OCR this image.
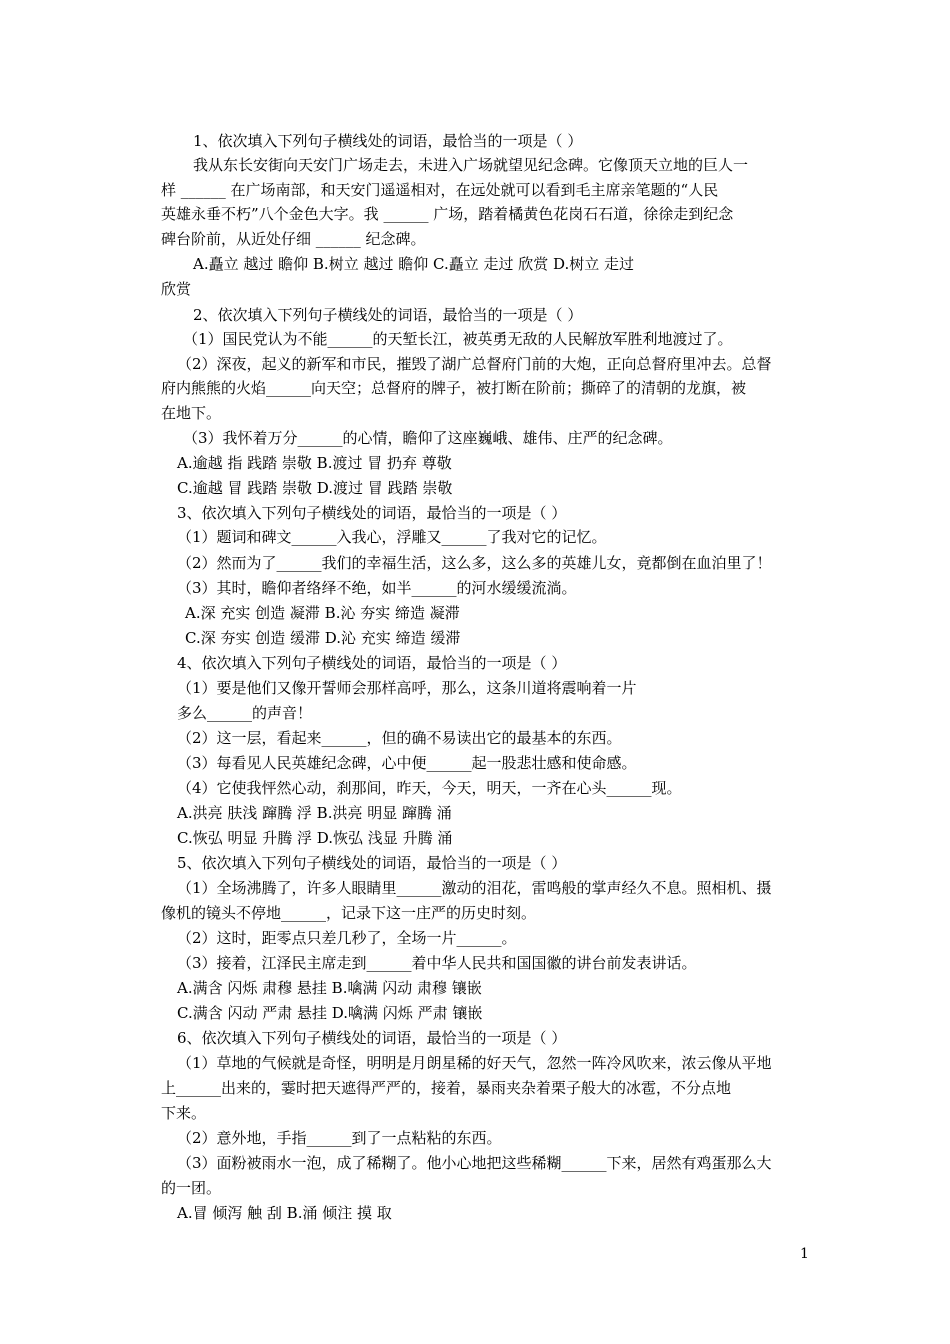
1、依次填入下列句子横线处的词语，最恰当的一项是（ ）
我从东长安街向天安门广场走去，未进入广场就望见纪念碑。它像顶天立地的巨人一
样 ______ 在广场南部，和天安门遥遥相对，在远处就可以看到毛主席亲笔题的“人民
英雄永垂不朽”八个金色大字。我 ______ 广场，踏着橘黄色花岗石石道，徐徐走到纪念
碑台阶前，从近处仔细 ______ 纪念碑。
A.矗立 越过 瞻仰 B.树立 越过 瞻仰 C.矗立 走过 欣赏 D.树立 走过
欣赏
2、依次填入下列句子横线处的词语，最恰当的一项是（ ）
（1）国民党认为不能______的天堑长江，被英勇无敌的人民解放军胜利地渡过了。
（2）深夜，起义的新军和市民，摧毁了湖广总督府门前的大炮，正向总督府里冲去。总督
府内熊熊的火焰______向天空；总督府的牌子，被打断在阶前；撕碎了的清朝的龙旗，被
在地下。
（3）我怀着万分______的心情，瞻仰了这座巍峨、雄伟、庄严的纪念碑。
A.逾越 指 践踏 崇敬 B.渡过 冒 扔弃 尊敬
C.逾越 冒 践踏 崇敬 D.渡过 冒 践踏 崇敬
3、依次填入下列句子横线处的词语，最恰当的一项是（ ）
（1）题词和碑文______入我心，浮雕又______了我对它的记忆。
（2）然而为了______我们的幸福生活，这么多，这么多的英雄儿女，竟都倒在血泊里了！
（3）其时，瞻仰者络绎不绝，如半______的河水缓缓流淌。
A.深 充实 创造 凝滞 B.沁 夯实 缔造 凝滞
C.深 夯实 创造 缓滞 D.沁 充实 缔造 缓滞
4、依次填入下列句子横线处的词语，最恰当的一项是（ ）
（1）要是他们又像开誓师会那样高呼，那么，这条川道将震响着一片
多么______的声音！
（2）这一层，看起来______，但的确不易读出它的最基本的东西。
（3）每看见人民英雄纪念碑，心中便______起一股悲壮感和使命感。
（4）它使我怦然心动，刹那间，昨天，今天，明天，一齐在心头______现。
A.洪亮 肤浅 蹿腾 浮 B.洪亮 明显 蹿腾 涌
C.恢弘 明显 升腾 浮 D.恢弘 浅显 升腾 涌
5、依次填入下列句子横线处的词语，最恰当的一项是（ ）
（1）全场沸腾了，许多人眼睛里______激动的泪花，雷鸣般的掌声经久不息。照相机、摄
像机的镜头不停地______，记录下这一庄严的历史时刻。
（2）这时，距零点只差几秒了，全场一片______。
（3）接着，江泽民主席走到______着中华人民共和国国徽的讲台前发表讲话。
A.满含 闪烁 肃穆 悬挂 B.噙满 闪动 肃穆 镶嵌
C.满含 闪动 严肃 悬挂 D.噙满 闪烁 严肃 镶嵌
6、依次填入下列句子横线处的词语，最恰当的一项是（ ）
（1）草地的气候就是奇怪，明明是月朗星稀的好天气，忽然一阵冷风吹来，浓云像从平地
上______出来的，霎时把天遮得严严的，接着，暴雨夹杂着栗子般大的冰雹，不分点地
下来。
（2）意外地，手指______到了一点粘粘的东西。
（3）面粉被雨水一泡，成了稀糊了。他小心地把这些稀糊______下来，居然有鸡蛋那么大
的一团。
A.冒 倾泻 触 刮 B.涌 倾注 摸 取
1
